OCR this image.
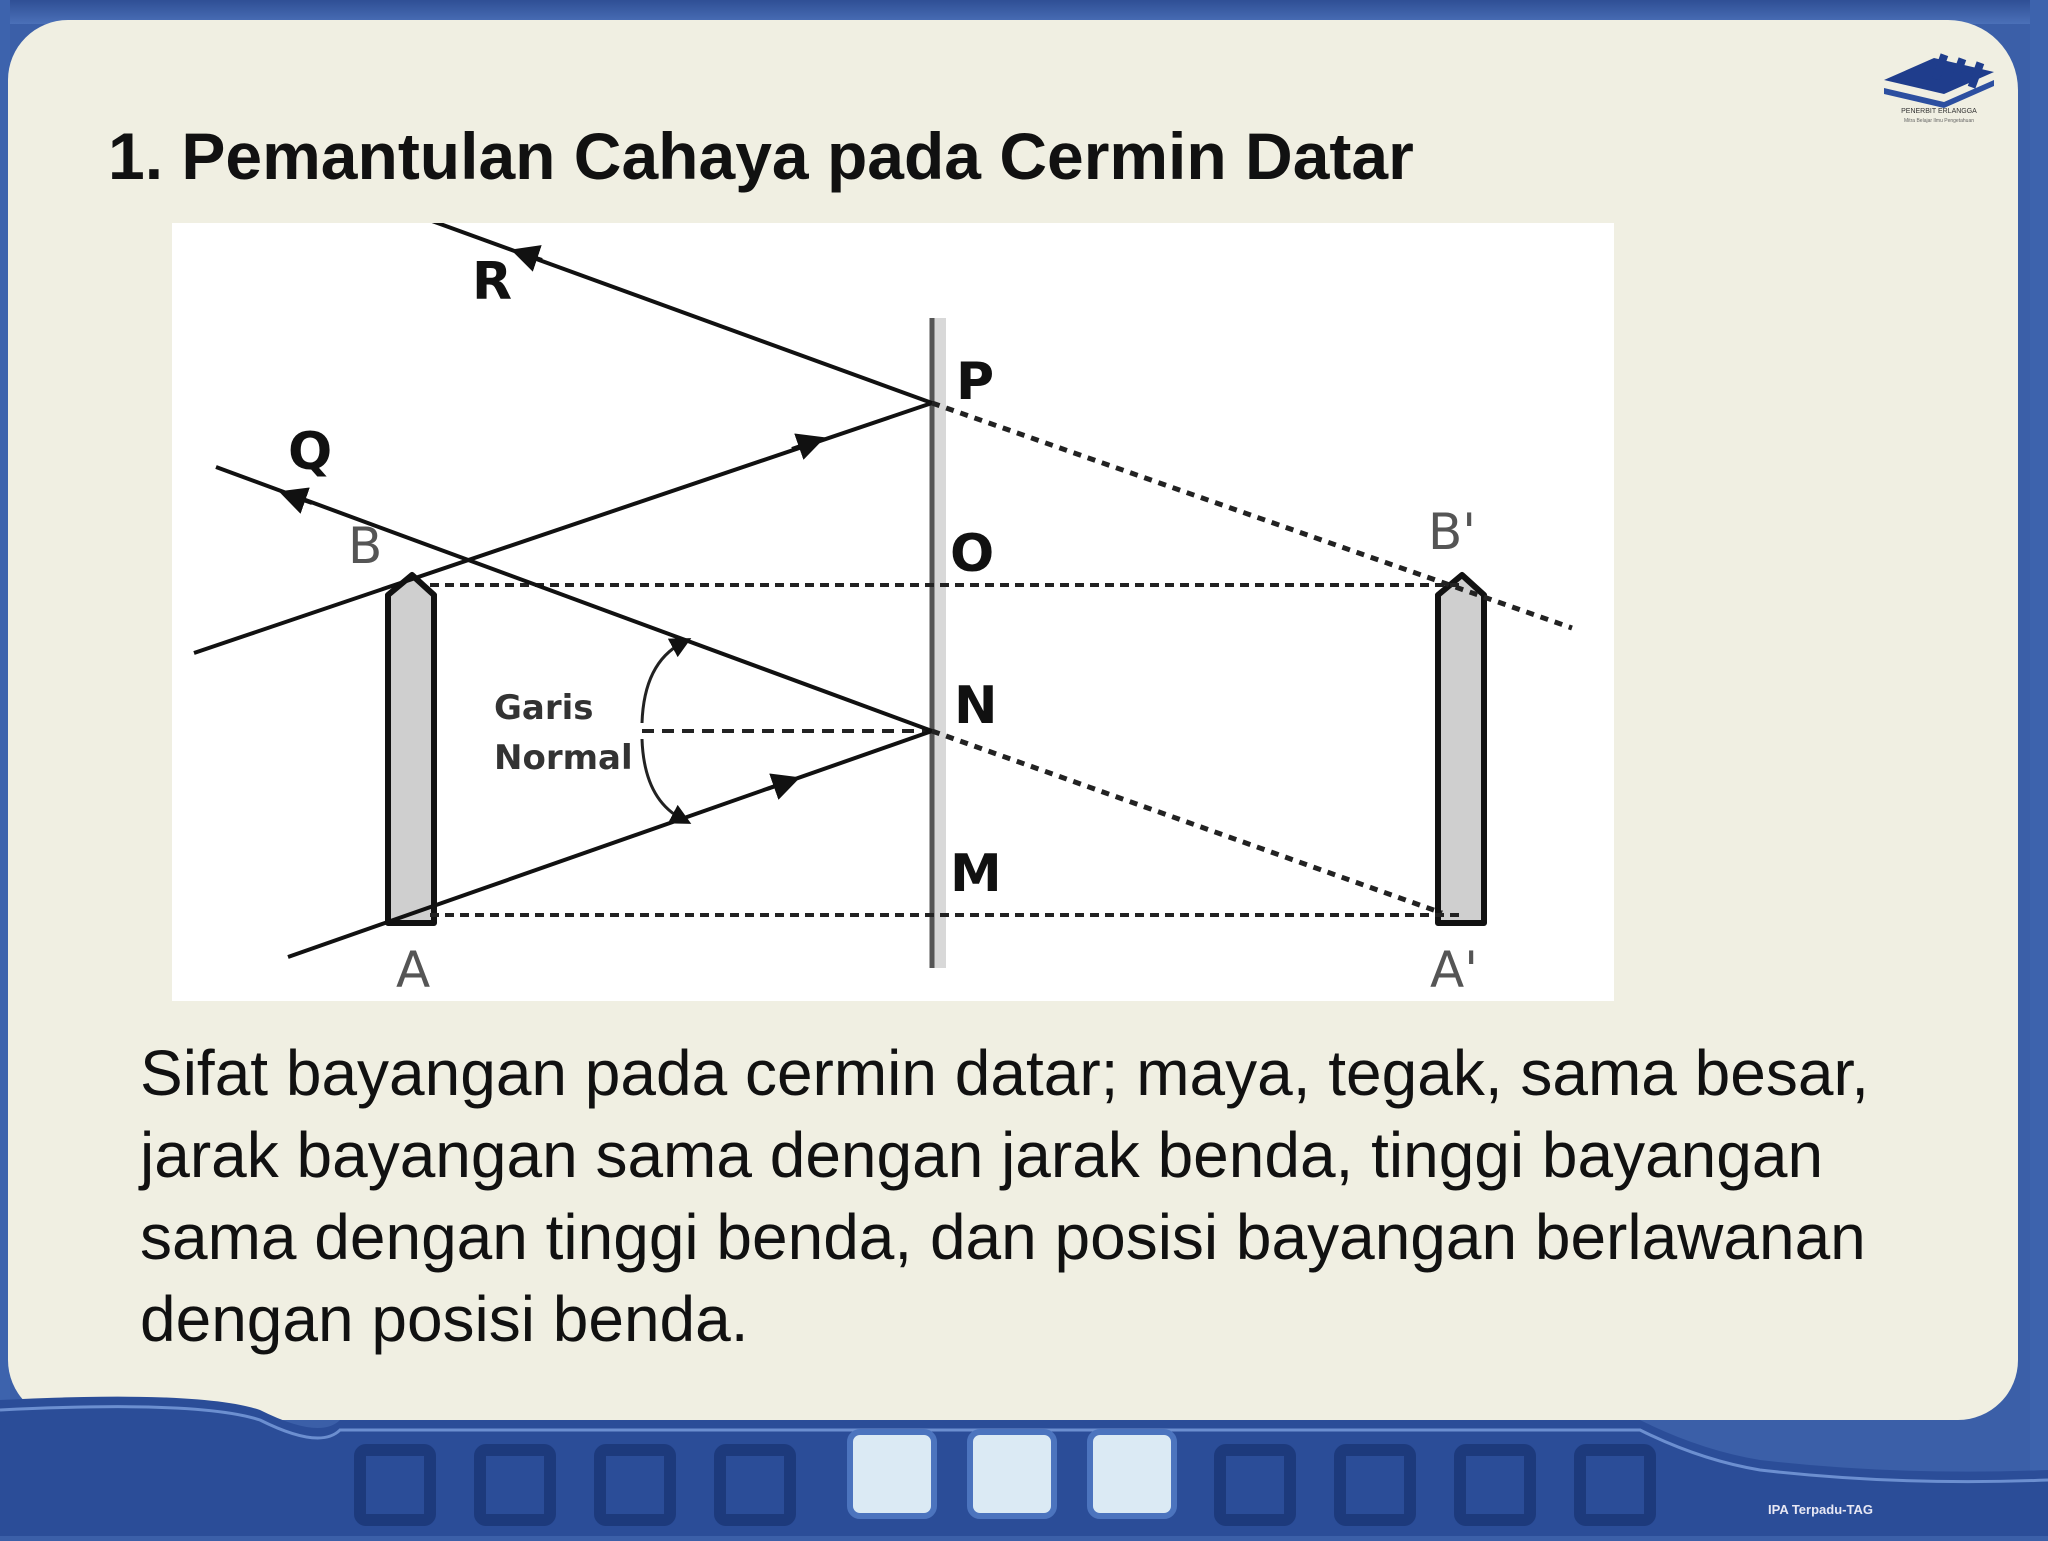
1. Pemantulan Cahaya pada Cermin Datar
PENERBIT ERLANGGA
Mitra Belajar Ilmu Pengetahuan
R
Q
P
O
N
M
B
A
B'
A'
Garis
Normal
Sifat bayangan pada cermin datar; maya, tegak, sama besar, jarak bayangan sama dengan jarak benda, tinggi bayangan sama dengan tinggi benda, dan posisi bayangan berlawanan dengan posisi benda.
IPA Terpadu-TAG
